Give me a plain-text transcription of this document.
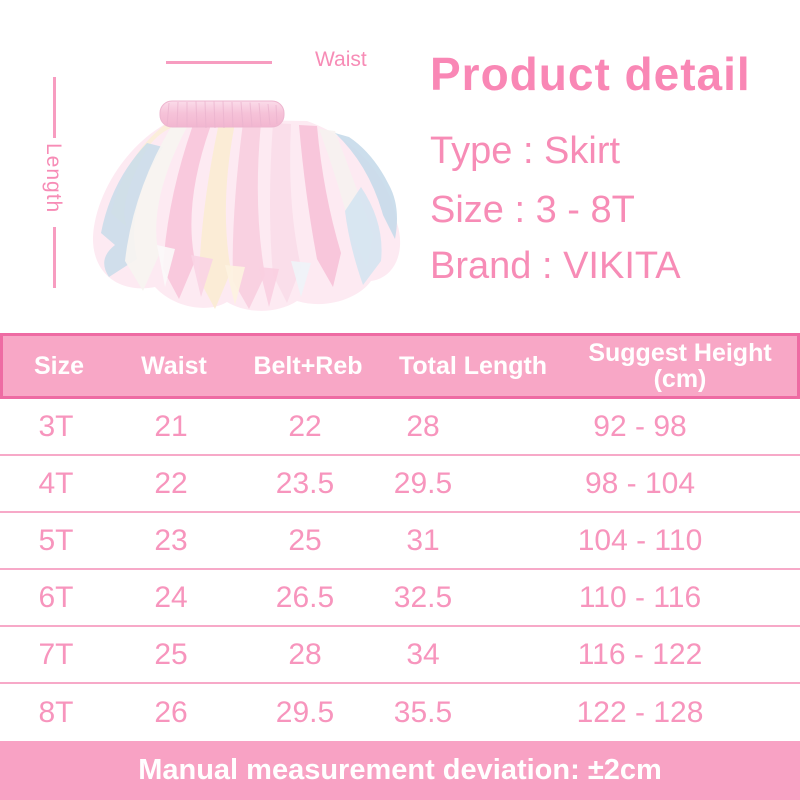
Waist
Length
Product detail
Type : Skirt
Size : 3 - 8T
Brand : VIKITA
Size	Waist	Belt+Reb	Total Length	Suggest Height
(cm)
3T	21	22	28	92 - 98
4T	22	23.5	29.5	98 - 104
5T	23	25	31	104 - 110
6T	24	26.5	32.5	110 - 116
7T	25	28	34	116 - 122
8T	26	29.5	35.5	122 - 128
Manual measurement deviation: ±2cm
